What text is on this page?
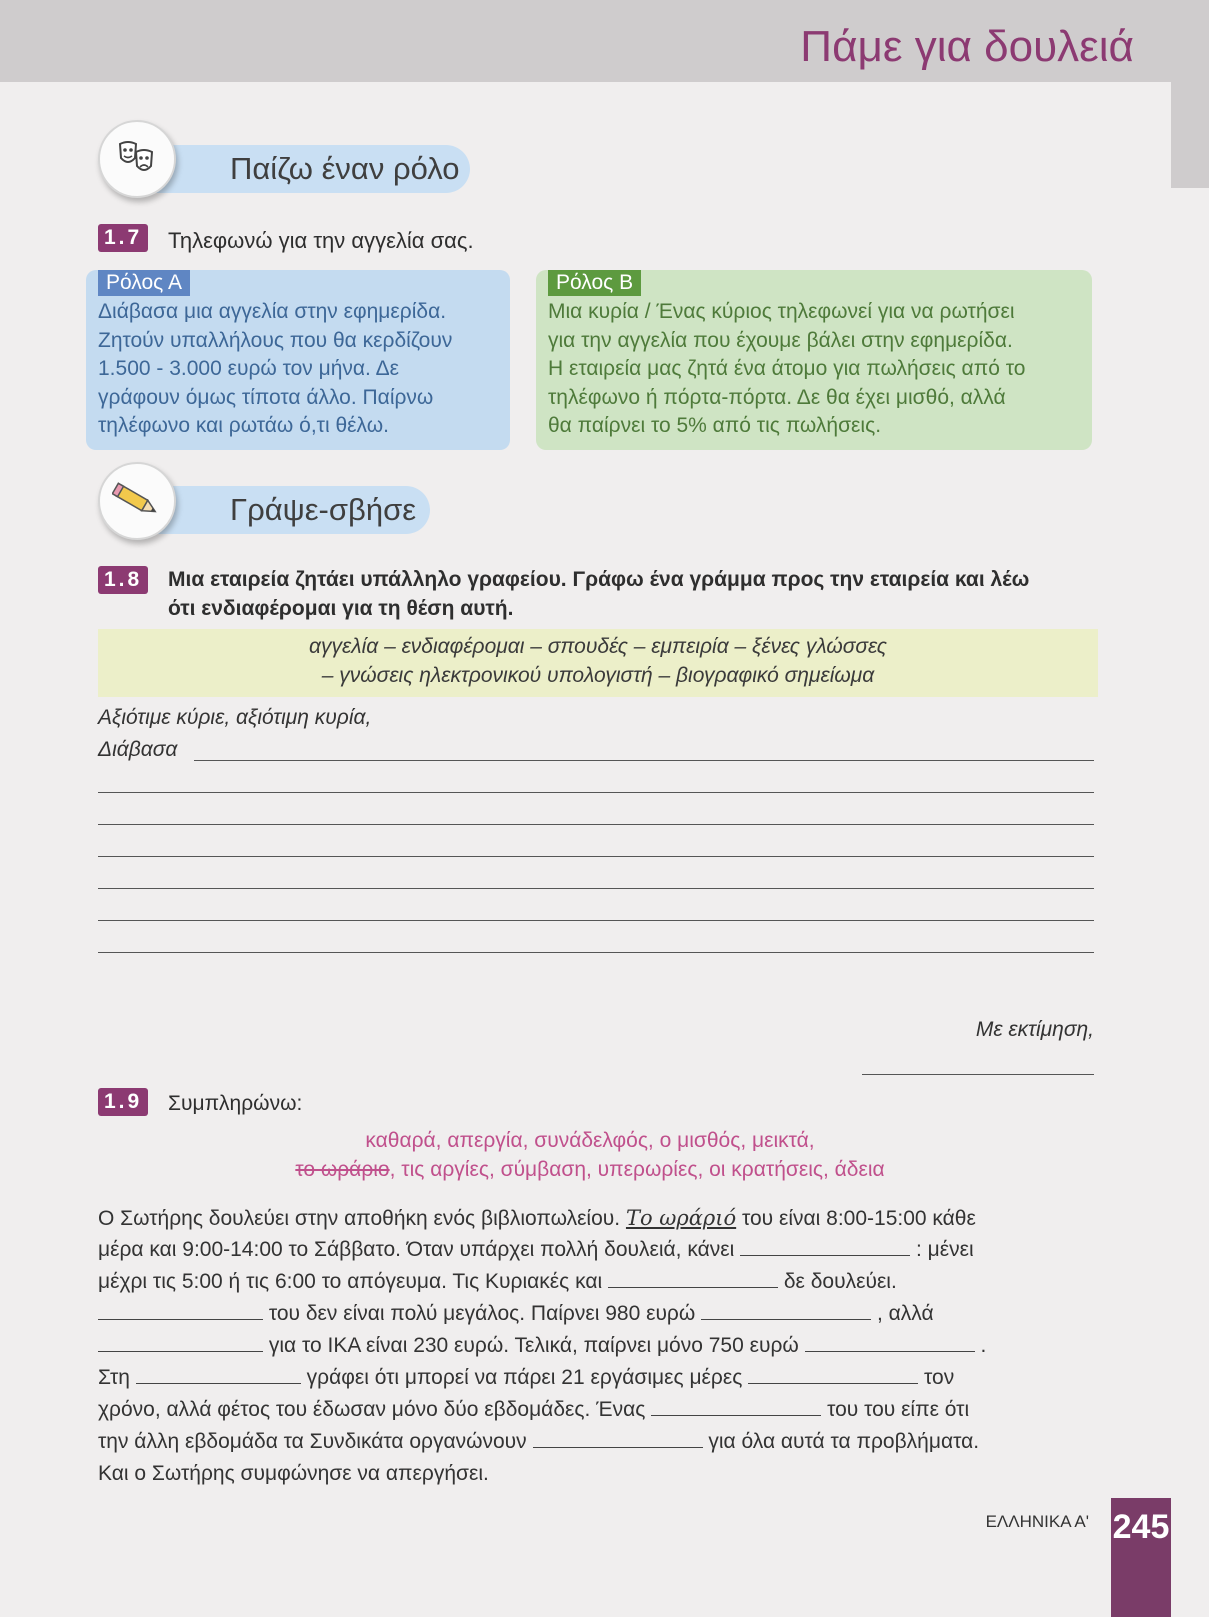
Πάμε για δουλειά
Παίζω έναν ρόλο
1.7 Τηλεφωνώ για την αγγελία σας.
Ρόλος Α
Διάβασα μια αγγελία στην εφημερίδα.
Ζητούν υπαλλήλους που θα κερδίζουν
1.500 - 3.000 ευρώ τον μήνα. Δε
γράφουν όμως τίποτα άλλο. Παίρνω
τηλέφωνο και ρωτάω ό,τι θέλω.
Ρόλος Β
Μια κυρία / Ένας κύριος τηλεφωνεί για να ρωτήσει
για την αγγελία που έχουμε βάλει στην εφημερίδα.
Η εταιρεία μας ζητά ένα άτομο για πωλήσεις από το
τηλέφωνο ή πόρτα-πόρτα. Δε θα έχει μισθό, αλλά
θα παίρνει το 5% από τις πωλήσεις.
Γράψε-σβήσε
1.8 Μια εταιρεία ζητάει υπάλληλο γραφείου. Γράφω ένα γράμμα προς την εταιρεία και λέω
ότι ενδιαφέρομαι για τη θέση αυτή.
αγγελία – ενδιαφέρομαι – σπουδές – εμπειρία – ξένες γλώσσες
– γνώσεις ηλεκτρονικού υπολογιστή – βιογραφικό σημείωμα
Αξιότιμε κύριε, αξιότιμη κυρία,
Διάβασα
Με εκτίμηση,
1.9 Συμπληρώνω:
καθαρά, απεργία, συνάδελφός, ο μισθός, μεικτά,
το ωράριο, τις αργίες, σύμβαση, υπερωρίες, οι κρατήσεις, άδεια
Ο Σωτήρης δουλεύει στην αποθήκη ενός βιβλιοπωλείου. Το ωράριό του είναι 8:00-15:00 κάθε
μέρα και 9:00-14:00 το Σάββατο. Όταν υπάρχει πολλή δουλειά, κάνει	: μένει
μέχρι τις 5:00 ή τις 6:00 το απόγευμα. Τις Κυριακές και	δε δουλεύει.
του δεν είναι πολύ μεγάλος. Παίρνει 980 ευρώ	, αλλά
για το ΙΚΑ είναι 230 ευρώ. Τελικά, παίρνει μόνο 750 ευρώ	.
Στη	γράφει ότι μπορεί να πάρει 21 εργάσιμες μέρες	τον
χρόνο, αλλά φέτος του έδωσαν μόνο δύο εβδομάδες. Ένας	του του είπε ότι
την άλλη εβδομάδα τα Συνδικάτα οργανώνουν	για όλα αυτά τα προβλήματα.
Και ο Σωτήρης συμφώνησε να απεργήσει.
ΕΛΛΗΝΙΚΑ Α' 245
